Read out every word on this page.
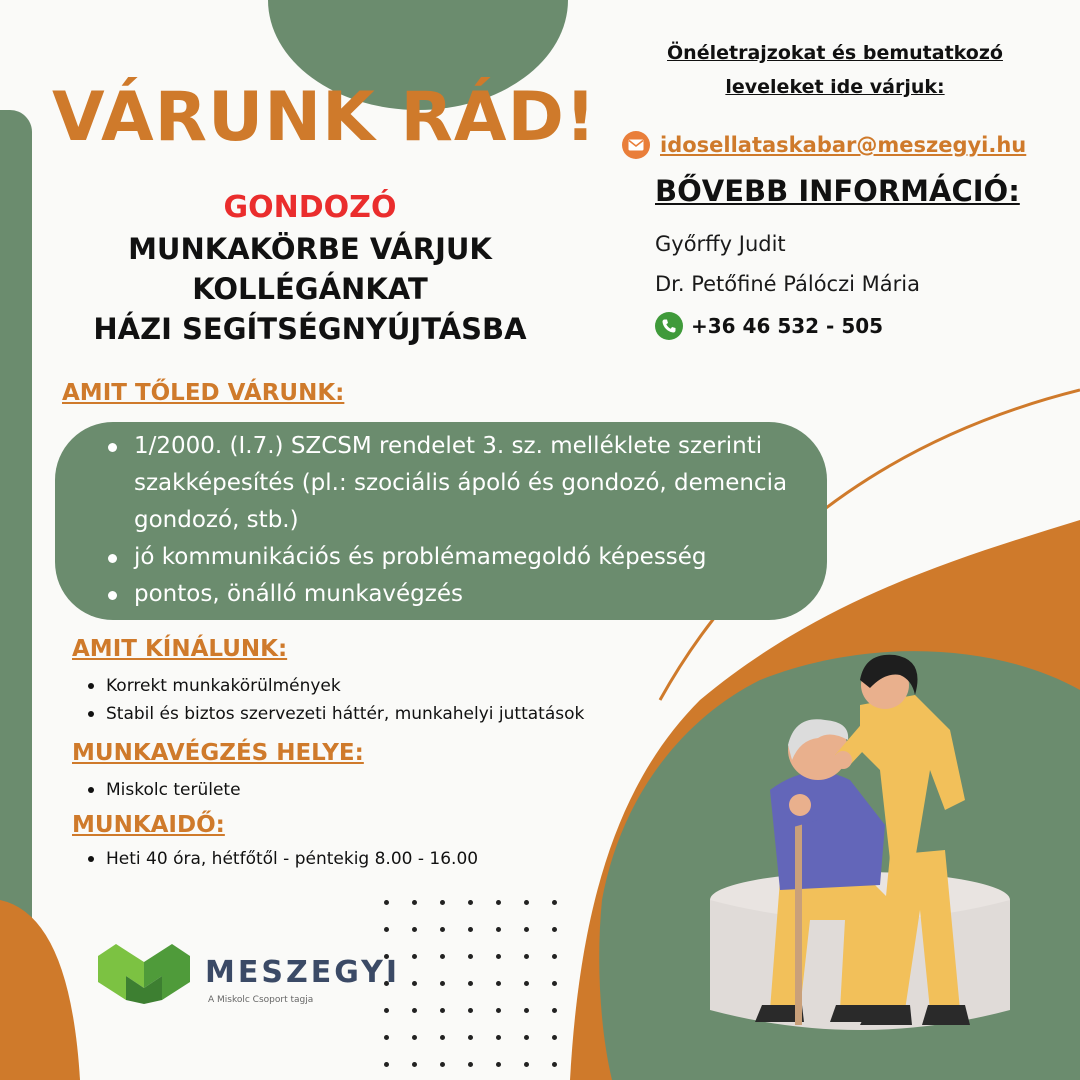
VÁRUNK RÁD!
GONDOZÓ
MUNKAKÖRBE VÁRJUK
KOLLÉGÁNKAT
HÁZI SEGÍTSÉGNYÚJTÁSBA
Önéletrajzokat és bemutatkozó
leveleket ide várjuk:
idosellataskabar@meszegyi.hu
BŐVEBB INFORMÁCIÓ:
Győrffy Judit
Dr. Petőfiné Pálóczi Mária
+36 46 532 - 505
AMIT TŐLED VÁRUNK:
1/2000. (I.7.) SZCSM rendelet 3. sz. melléklete szerinti szakképesítés (pl.: szociális ápoló és gondozó, demencia gondozó, stb.)
jó kommunikációs és problémamegoldó képesség
pontos, önálló munkavégzés
AMIT KÍNÁLUNK:
Korrekt munkakörülmények
Stabil és biztos szervezeti háttér, munkahelyi juttatások
MUNKAVÉGZÉS HELYE:
Miskolc területe
MUNKAIDŐ:
Heti 40 óra, hétfőtől - péntekig 8.00 - 16.00
MESZEGYI
A Miskolc Csoport tagja
